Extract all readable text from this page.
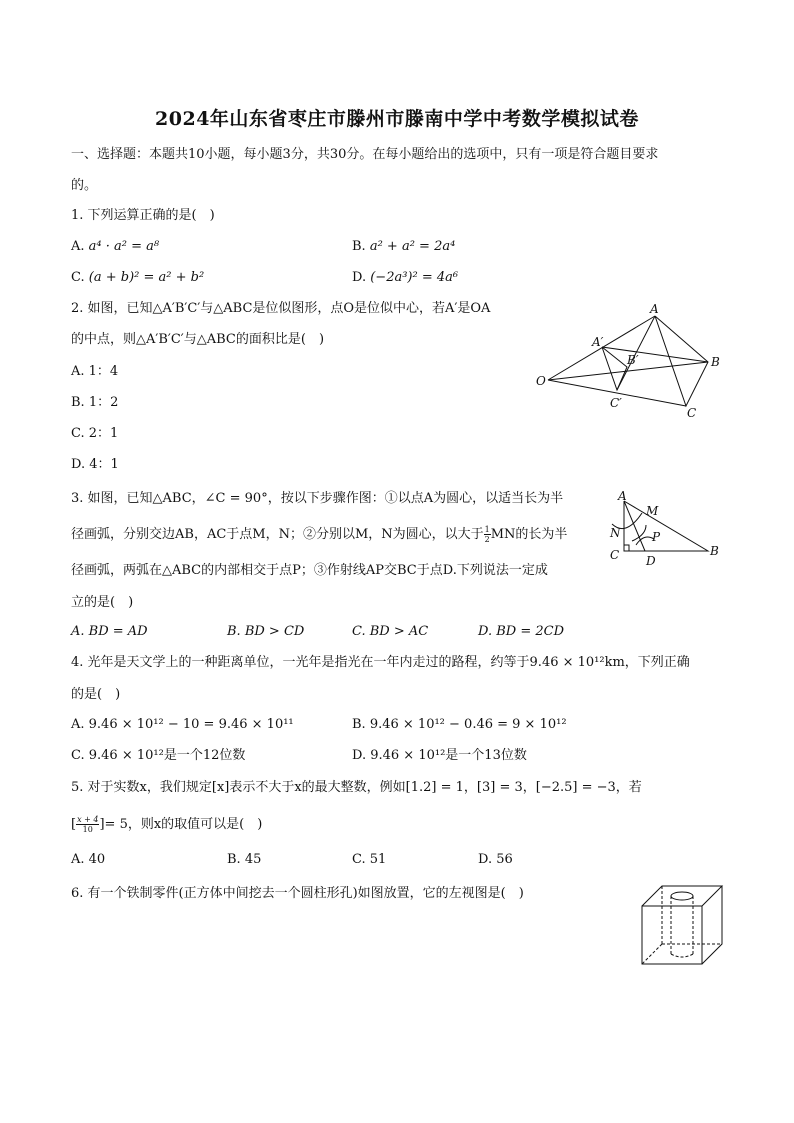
2024年山东省枣庄市滕州市滕南中学中考数学模拟试卷
一、选择题：本题共10小题，每小题3分，共30分。在每小题给出的选项中，只有一项是符合题目要求
的。
1. 下列运算正确的是(　)
A. a⁴ · a² = a⁸	B. a² + a² = 2a⁴
C. (a + b)² = a² + b²	D. (−2a³)² = 4a⁶
2. 如图，已知△A′B′C′与△ABC是位似图形，点O是位似中心，若A′是OA
的中点，则△A′B′C′与△ABC的面积比是(　)
A. 1：4
B. 1：2
C. 2：1
D. 4：1
O
A
A′
B′	B
C′
C
3. 如图，已知△ABC，∠C = 90°，按以下步骤作图：①以点A为圆心，以适当长为半
径画弧，分别交边AB，AC于点M，N；②分别以M，N为圆心，以大于 $\frac{1}{2}$ MN的长为半
径画弧，两弧在△ABC的内部相交于点P；③作射线AP交BC于点D.下列说法一定成
立的是(　)
A. BD = AD	B. BD > CD	C. BD > AC	D. BD = 2CD
A
M
N	P
C D
B
4. 光年是天文学上的一种距离单位，一光年是指光在一年内走过的路程，约等于9.46 × 10¹²km，下列正确
的是(　)
A. 9.46 × 10¹² − 10 = 9.46 × 10¹¹	B. 9.46 × 10¹² − 0.46 = 9 × 10¹²
C. 9.46 × 10¹²是一个12位数	D. 9.46 × 10¹²是一个13位数
5. 对于实数x，我们规定[x]表示不大于x的最大整数，例如[1.2] = 1，[3] = 3，[−2.5] = −3，若
[ $\frac{x + 4}{10}$ ]= 5，则x的取值可以是(　)
A. 40	B. 45	C. 51	D. 56
6. 有一个铁制零件(正方体中间挖去一个圆柱形孔)如图放置，它的左视图是(　)
